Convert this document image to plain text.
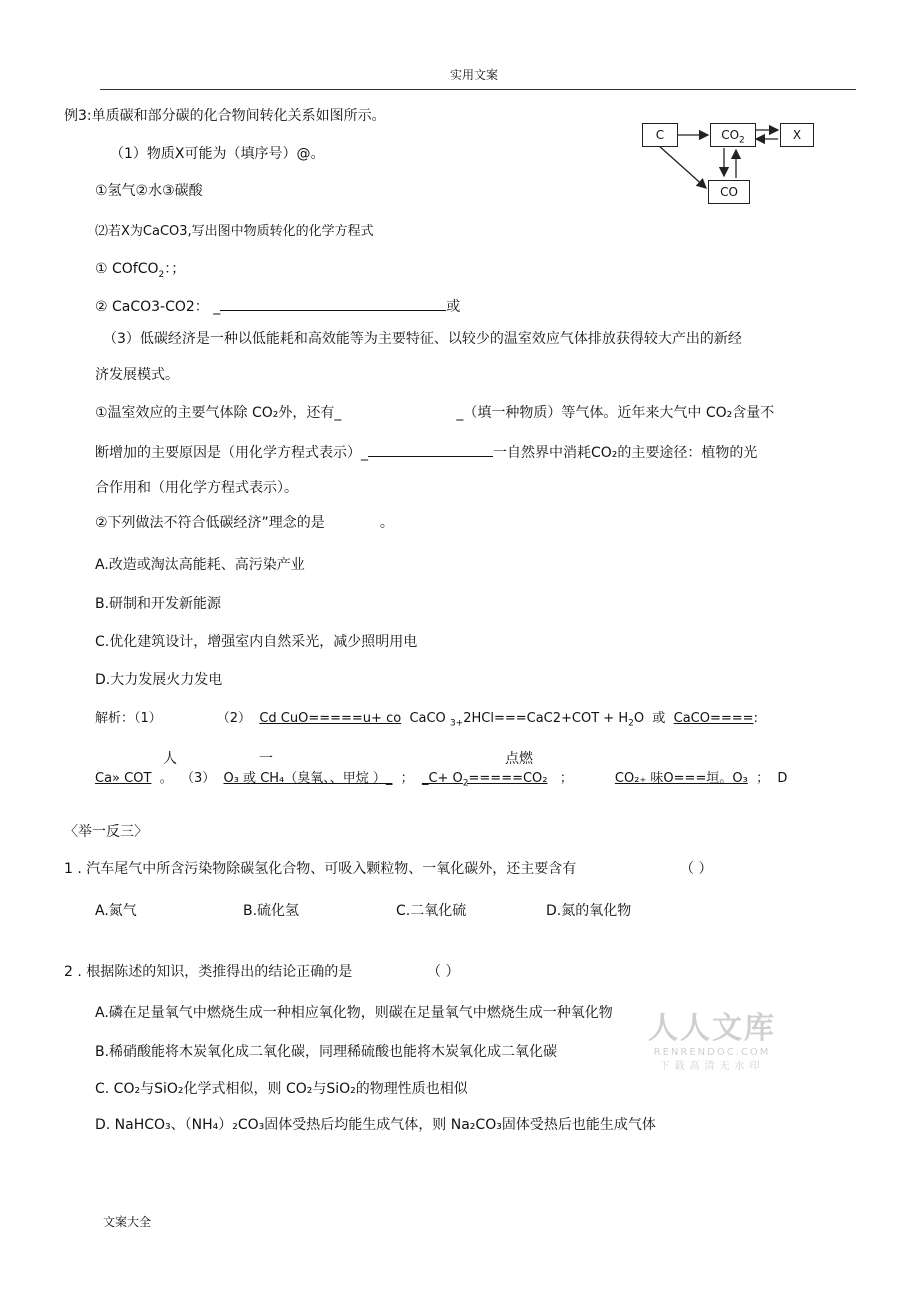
实用文案
C	$CO_2$	X
CO
例3:单质碳和部分碳的化合物间转化关系如图所示。
（1）物质X可能为（填序号）@。
①氢气②水③碳酸
⑵若X为CaCO3,写出图中物质转化的化学方程式
① COfCO$_2$：；
② CaCO3-CO2： _	或
（3）低碳经济是一种以低能耗和高效能等为主要特征、以较少的温室效应气体排放获得较大产出的新经
济发展模式。
①温室效应的主要气体除 CO₂外，还有_	_（填一种物质）等气体。近年来大气中 CO₂含量不
断增加的主要原因是（用化学方程式表示）_	一自然界中消耗CO₂的主要途径：植物的光
合作用和（用化学方程式表示）。
②下列做法不符合低碳经济”理念的是	。
A.改造或淘汰高能耗、高污染产业
B.研制和开发新能源
C.优化建筑设计，增强室内自然采光，减少照明用电
D.大力发展火力发电
解析：（1）	（2） Cd CuO=====u+ co CaCO $_{3+}2HCl===CaC2+COT + H_2O$ 或 CaCO====:
人	一	点燃
Ca» COT 。 （3） O₃ 或 CH₄（臭氧、、甲烷 ）_ ； _C+ $O_2=====CO_2$ ；	CO₂₊ 味O===垣。O₃ ； D
〈举一反三〉
1 . 汽车尾气中所含污染物除碳氢化合物、可吸入颗粒物、一氧化碳外，还主要含有	（ ）
A.氮气	B.硫化氢	C.二氧化硫	D.氮的氧化物
2 . 根据陈述的知识，类推得出的结论正确的是	（ ）
A.磷在足量氧气中燃烧生成一种相应氧化物，则碳在足量氧气中燃烧生成一种氧化物
B.稀硝酸能将木炭氧化成二氧化碳，同理稀硫酸也能将木炭氧化成二氧化碳
C. CO₂与SiO₂化学式相似，则 CO₂与SiO₂的物理性质也相似
D. NaHCO₃、（NH₄）₂CO₃固体受热后均能生成气体，则 Na₂CO₃固体受热后也能生成气体
人人文库
RENRENDOC.COM
下载高清无水印
文案大全
